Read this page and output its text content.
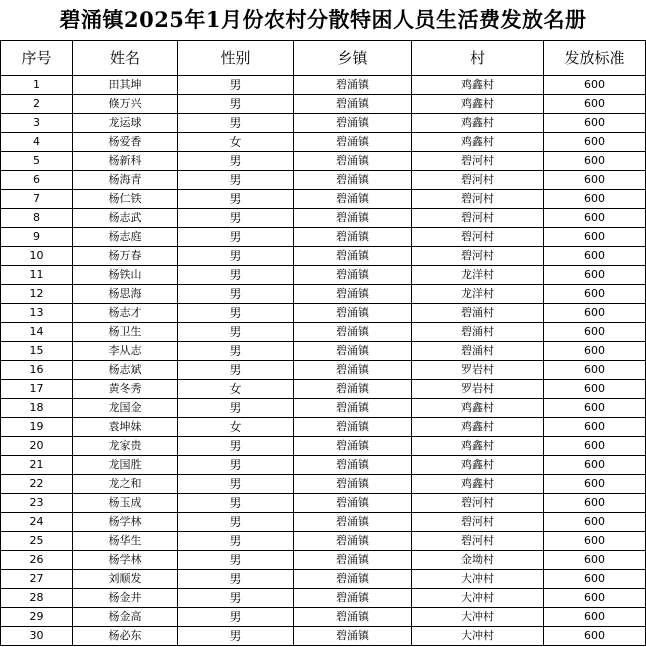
碧涌镇2025年1月份农村分散特困人员生活费发放名册
序号	姓名	性别	乡镇	村	发放标准
1	田其坤	男	碧涌镇	鸡鑫村	600
2	倏万兴	男	碧涌镇	鸡鑫村	600
3	龙运球	男	碧涌镇	鸡鑫村	600
4	杨爱香	女	碧涌镇	鸡鑫村	600
5	杨新科	男	碧涌镇	碧河村	600
6	杨海青	男	碧涌镇	碧河村	600
7	杨仁铁	男	碧涌镇	碧河村	600
8	杨志武	男	碧涌镇	碧河村	600
9	杨志庭	男	碧涌镇	碧河村	600
10	杨万春	男	碧涌镇	碧河村	600
11	杨铁山	男	碧涌镇	龙洋村	600
12	杨思海	男	碧涌镇	龙洋村	600
13	杨志才	男	碧涌镇	碧涌村	600
14	杨卫生	男	碧涌镇	碧涌村	600
15	李从志	男	碧涌镇	碧涌村	600
16	杨志斌	男	碧涌镇	罗岩村	600
17	黄冬秀	女	碧涌镇	罗岩村	600
18	龙国金	男	碧涌镇	鸡鑫村	600
19	袁坤妹	女	碧涌镇	鸡鑫村	600
20	龙家贵	男	碧涌镇	鸡鑫村	600
21	龙国胜	男	碧涌镇	鸡鑫村	600
22	龙之和	男	碧涌镇	鸡鑫村	600
23	杨玉成	男	碧涌镇	碧河村	600
24	杨学林	男	碧涌镇	碧河村	600
25	杨华生	男	碧涌镇	碧河村	600
26	杨学林	男	碧涌镇	金坳村	600
27	刘顺发	男	碧涌镇	大冲村	600
28	杨金井	男	碧涌镇	大冲村	600
29	杨金高	男	碧涌镇	大冲村	600
30	杨必东	男	碧涌镇	大冲村	600
